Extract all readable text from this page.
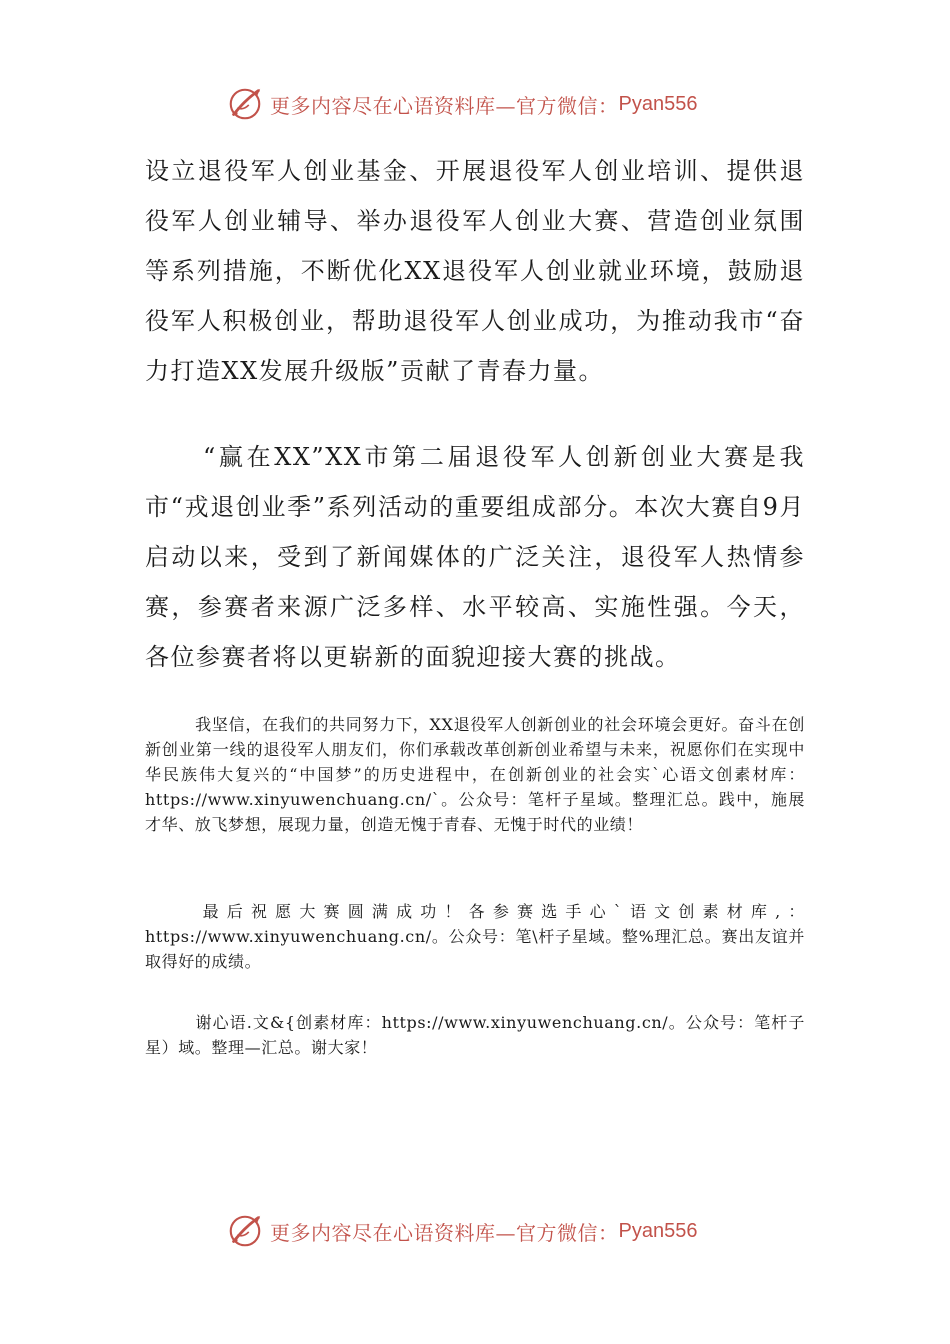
更多内容尽在心语资料库—官方微信： Pyan556

设立退役军人创业基金、开展退役军人创业培训、提供退役军人创业辅导、举办退役军人创业大赛、营造创业氛围等系列措施，不断优化XX退役军人创业就业环境，鼓励退役军人积极创业，帮助退役军人创业成功，为推动我市“奋力打造XX发展升级版”贡献了青春力量。

“赢在XX”XX市第二届退役军人创新创业大赛是我市“戎退创业季”系列活动的重要组成部分。本次大赛自9月启动以来，受到了新闻媒体的广泛关注，退役军人热情参赛，参赛者来源广泛多样、水平较高、实施性强。今天，各位参赛者将以更崭新的面貌迎接大赛的挑战。

我坚信，在我们的共同努力下，XX退役军人创新创业的社会环境会更好。奋斗在创新创业第一线的退役军人朋友们，你们承载改革创新创业希望与未来，祝愿你们在实现中华民族伟大复兴的“中国梦”的历史进程中，在创新创业的社会实`心语文创素材库：https://www.xinyuwenchuang.cn/`。公众号：笔杆子星域。整理汇总。践中，施展才华、放飞梦想，展现力量，创造无愧于青春、无愧于时代的业绩！

最后祝愿大赛圆满成功！各参赛选手心`语文创素材库,：https://www.xinyuwenchuang.cn/。公众号：笔\杆子星域。整%理汇总。赛出友谊并取得好的成绩。

谢心语.文&{创素材库：https://www.xinyuwenchuang.cn/。公众号：笔杆子星）域。整理—汇总。谢大家！

更多内容尽在心语资料库—官方微信： Pyan556
